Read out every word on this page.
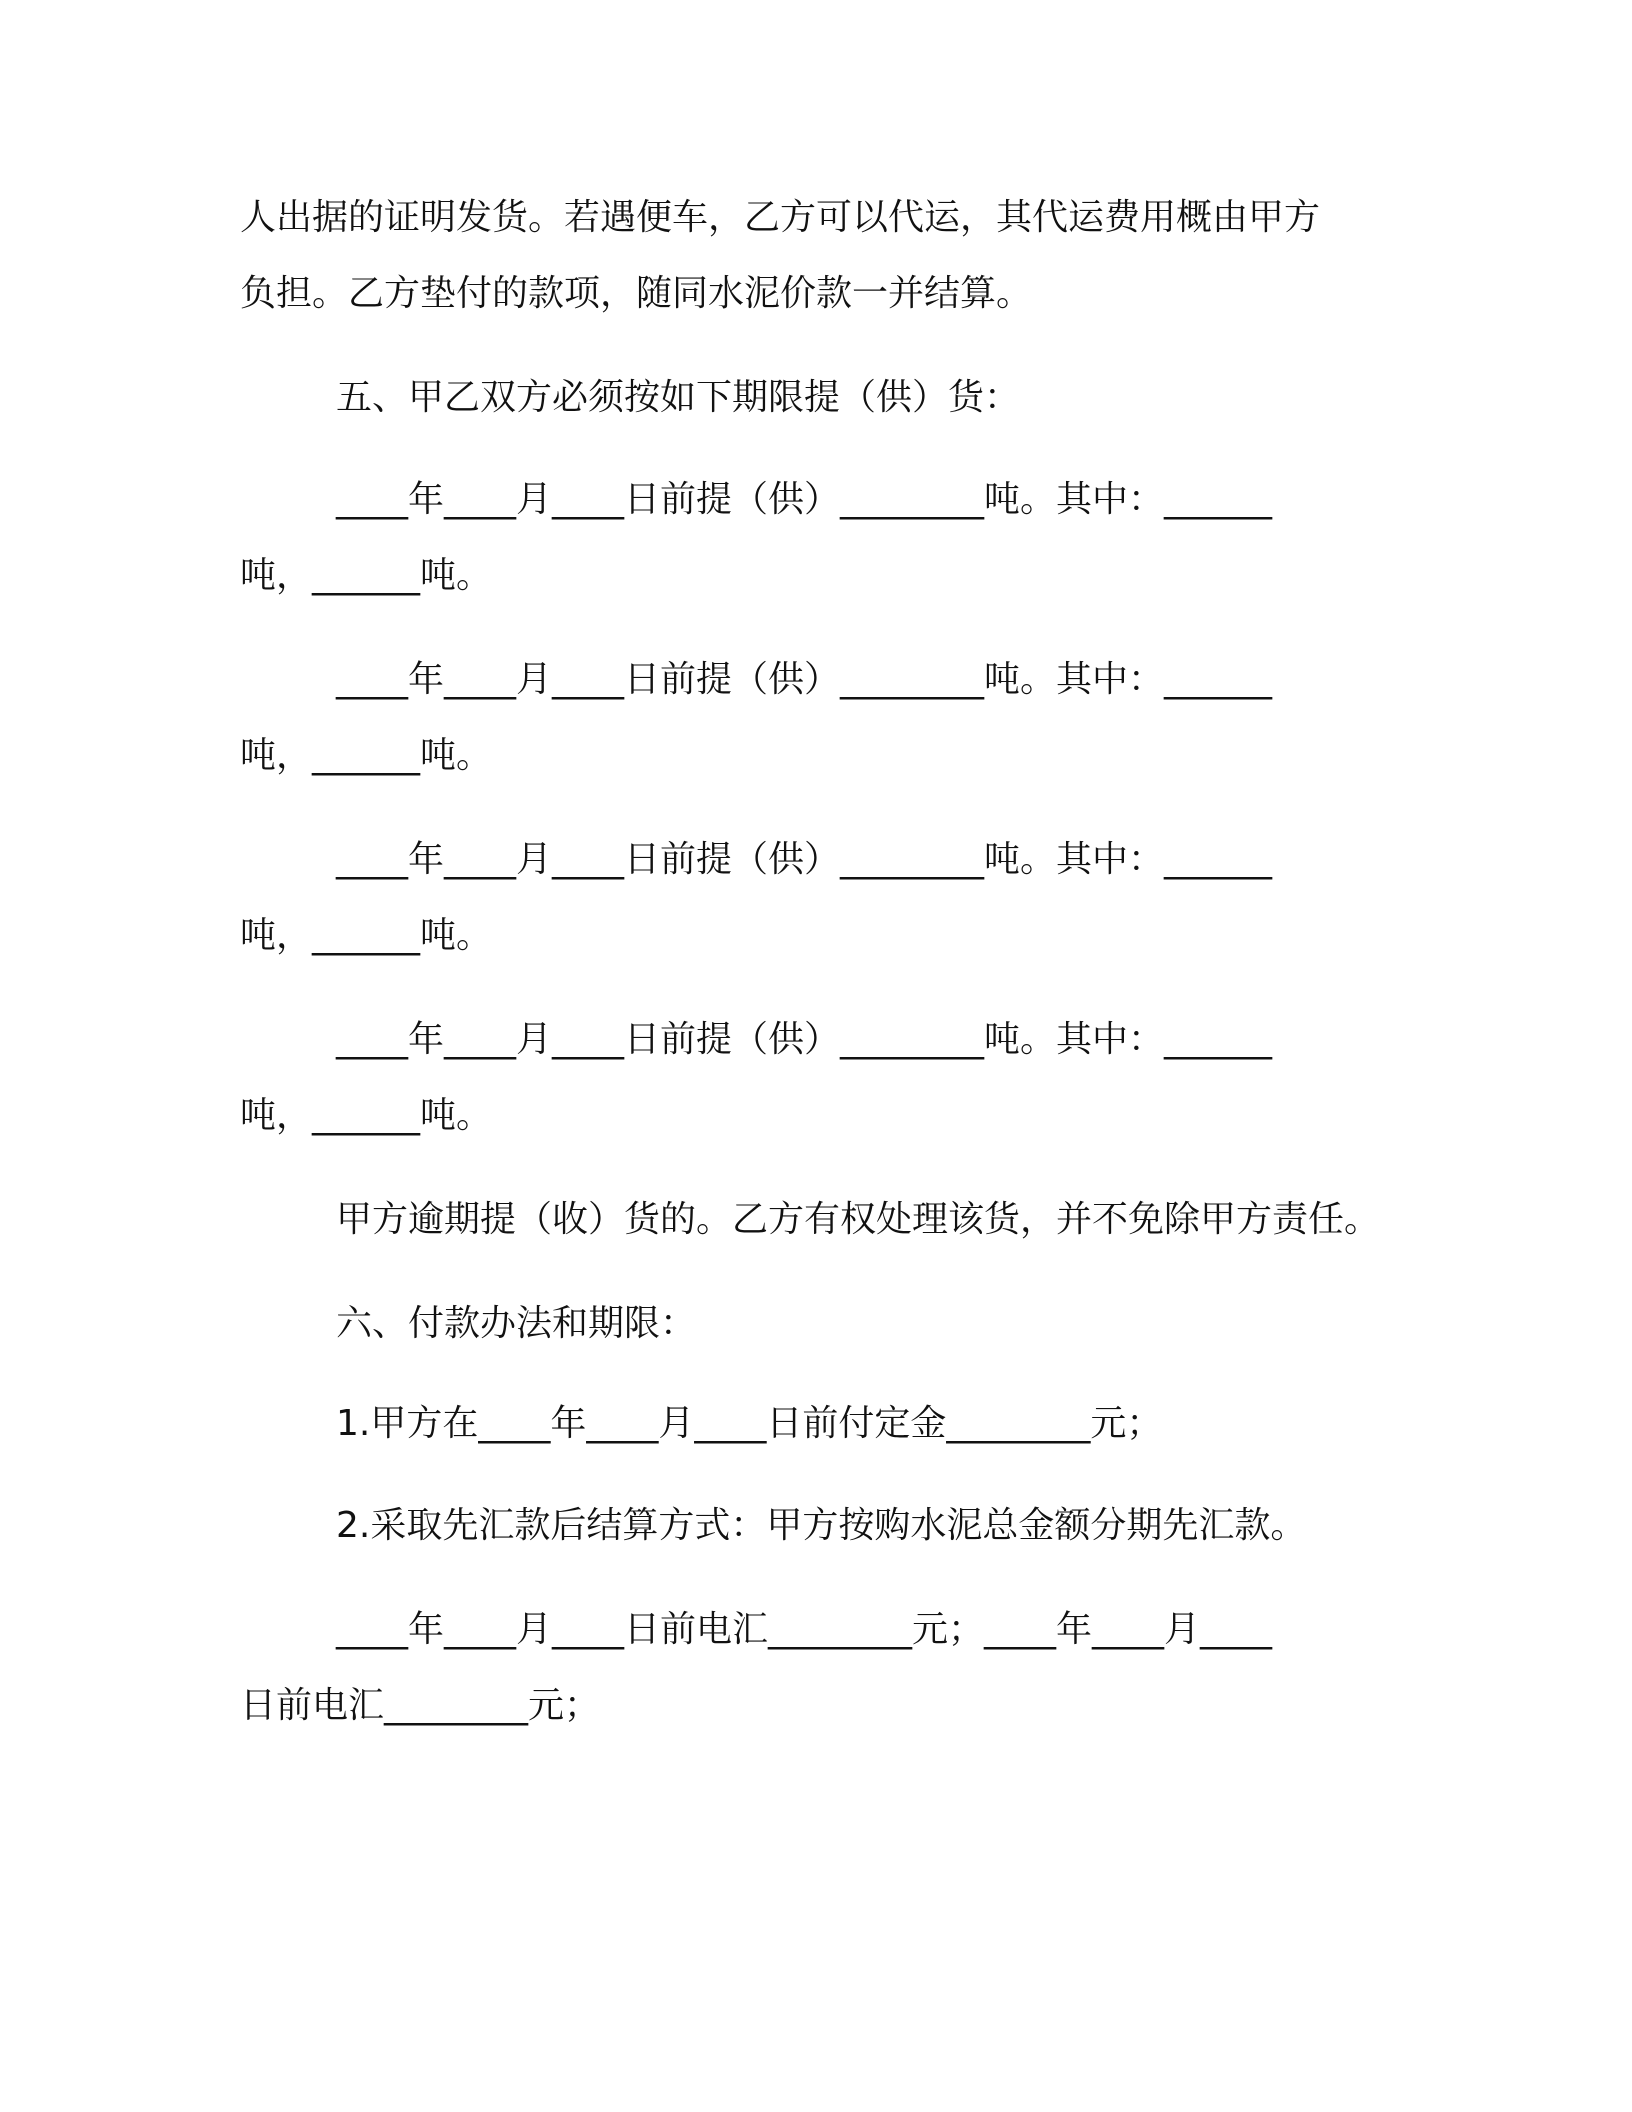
人出据的证明发货。若遇便车，乙方可以代运，其代运费用概由甲方
负担。乙方垫付的款项，随同水泥价款一并结算。
五、甲乙双方必须按如下期限提（供）货：
____年____月____日前提（供）________吨。其中：______
吨，______吨。
____年____月____日前提（供）________吨。其中：______
吨，______吨。
____年____月____日前提（供）________吨。其中：______
吨，______吨。
____年____月____日前提（供）________吨。其中：______
吨，______吨。
甲方逾期提（收）货的。乙方有权处理该货，并不免除甲方责任。
六、付款办法和期限：
1.甲方在____年____月____日前付定金________元；
2.采取先汇款后结算方式：甲方按购水泥总金额分期先汇款。
____年____月____日前电汇________元；____年____月____
日前电汇________元；
